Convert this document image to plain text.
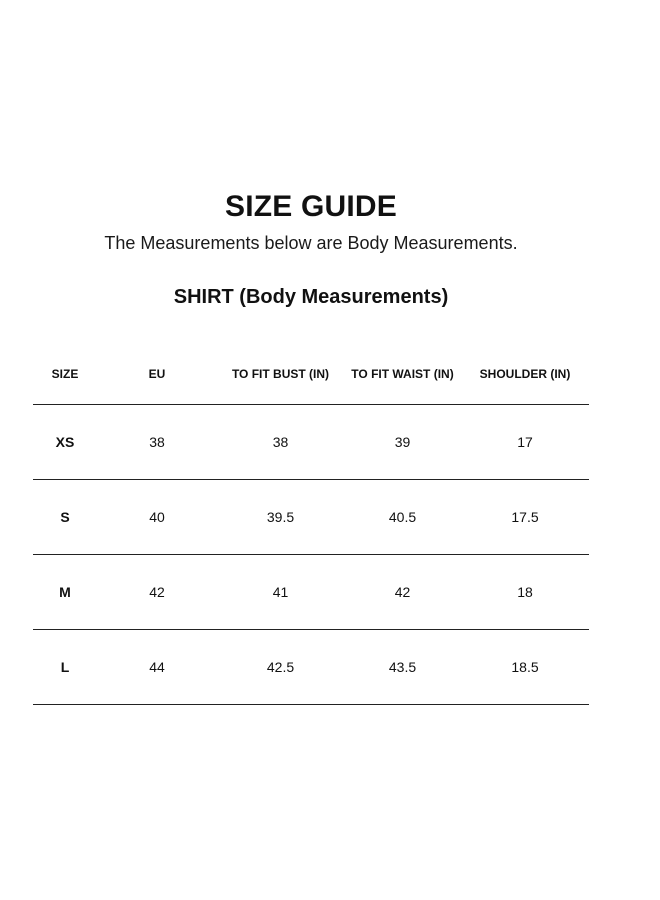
SIZE GUIDE
The Measurements below are Body Measurements.
SHIRT (Body Measurements)
SIZE	EU	TO FIT BUST (IN)	TO FIT WAIST (IN)	SHOULDER (IN)
XS	38	38	39	17
S	40	39.5	40.5	17.5
M	42	41	42	18
L	44	42.5	43.5	18.5
